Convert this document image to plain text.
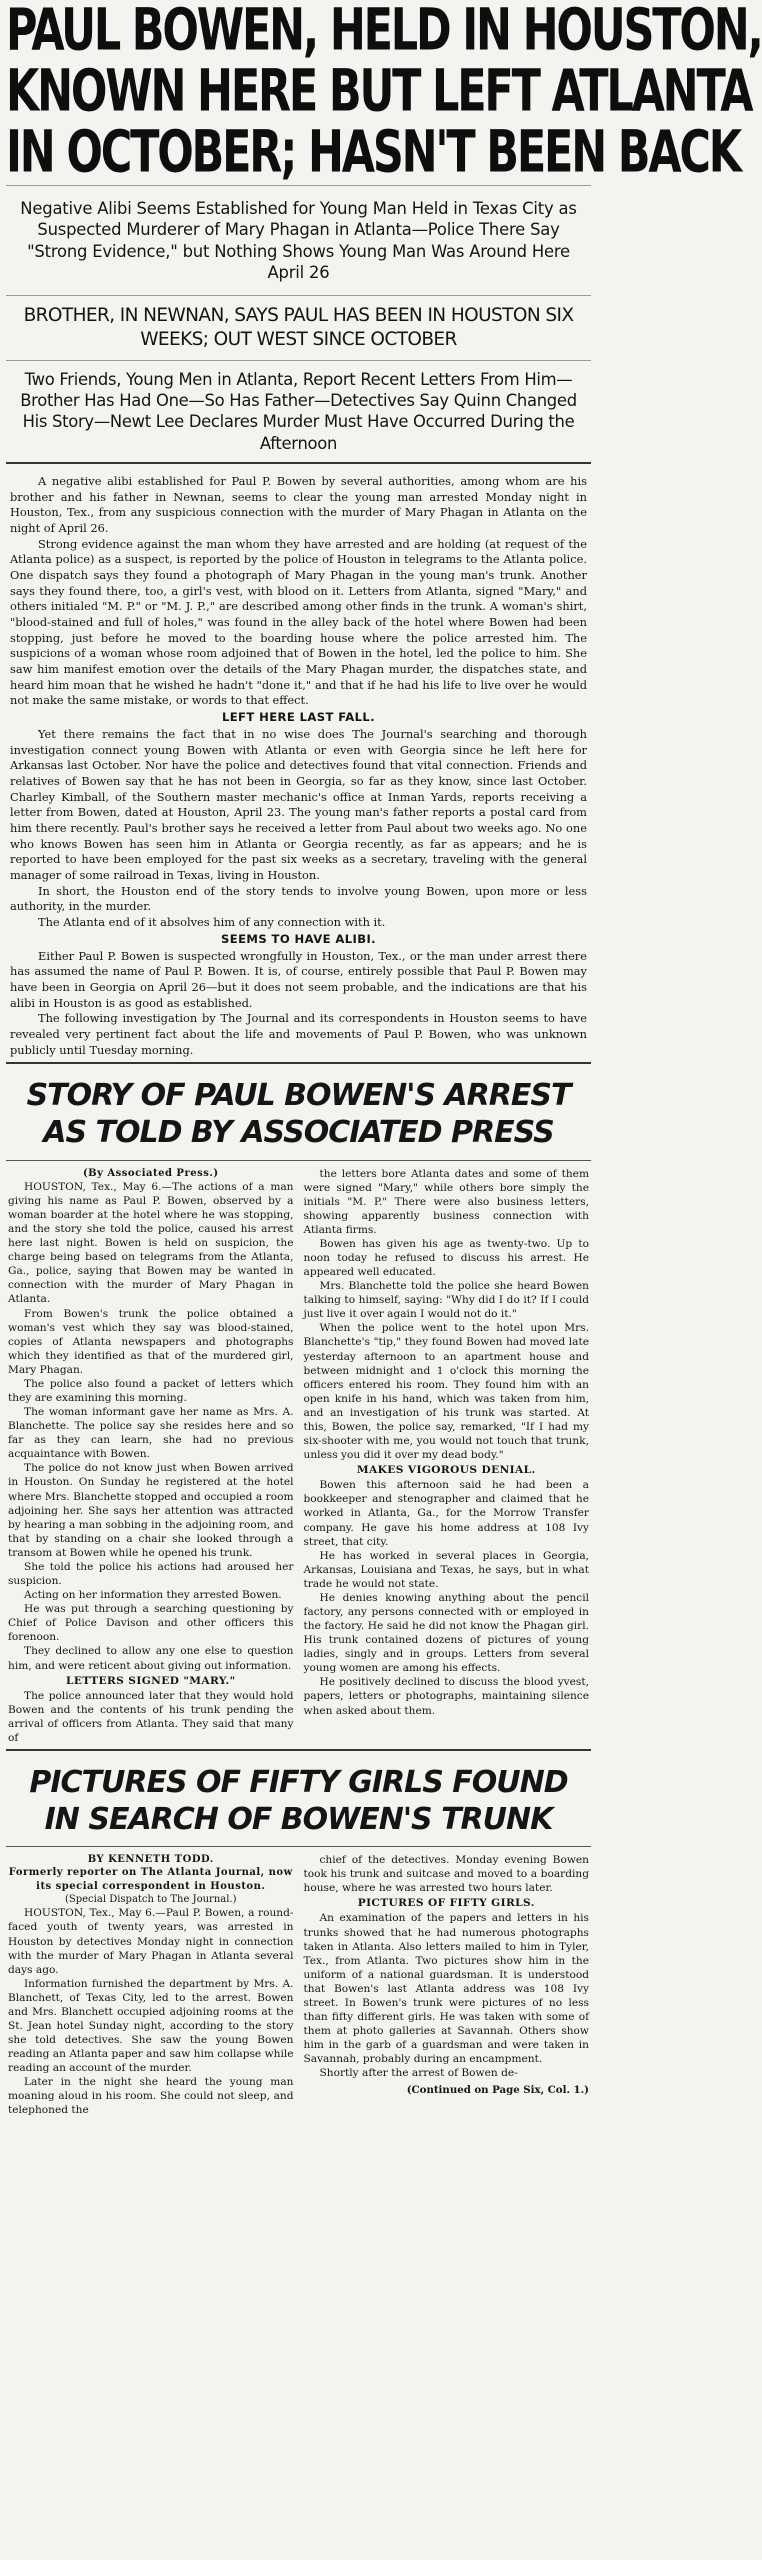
PAUL BOWEN, HELD IN HOUSTON,
KNOWN HERE BUT LEFT ATLANTA
IN OCTOBER; HASN'T BEEN BACK
Negative Alibi Seems Established for Young Man Held in Texas City as Suspected Murderer of Mary Phagan in Atlanta—Police There Say "Strong Evidence," but Nothing Shows Young Man Was Around Here April 26
BROTHER, IN NEWNAN, SAYS PAUL HAS BEEN IN HOUSTON SIX WEEKS; OUT WEST SINCE OCTOBER
Two Friends, Young Men in Atlanta, Report Recent Letters From Him—Brother Has Had One—So Has Father—Detectives Say Quinn Changed His Story—Newt Lee Declares Murder Must Have Occurred During the Afternoon

A negative alibi established for Paul P. Bowen by several authorities, among whom are his brother and his father in Newnan, seems to clear the young man arrested Monday night in Houston, Tex., from any suspicious connection with the murder of Mary Phagan in Atlanta on the night of April 26.

Strong evidence against the man whom they have arrested and are holding (at request of the Atlanta police) as a suspect, is reported by the police of Houston in telegrams to the Atlanta police. One dispatch says they found a photograph of Mary Phagan in the young man's trunk. Another says they found there, too, a girl's vest, with blood on it. Letters from Atlanta, signed "Mary," and others initialed "M. P." or "M. J. P.," are described among other finds in the trunk. A woman's shirt, "blood-stained and full of holes," was found in the alley back of the hotel where Bowen had been stopping, just before he moved to the boarding house where the police arrested him. The suspicions of a woman whose room adjoined that of Bowen in the hotel, led the police to him. She saw him manifest emotion over the details of the Mary Phagan murder, the dispatches state, and heard him moan that he wished he hadn't "done it," and that if he had his life to live over he would not make the same mistake, or words to that effect.

LEFT HERE LAST FALL.

Yet there remains the fact that in no wise does The Journal's searching and thorough investigation connect young Bowen with Atlanta or even with Georgia since he left here for Arkansas last October. Nor have the police and detectives found that vital connection. Friends and relatives of Bowen say that he has not been in Georgia, so far as they know, since last October. Charley Kimball, of the Southern master mechanic's office at Inman Yards, reports receiving a letter from Bowen, dated at Houston, April 23. The young man's father reports a postal card from him there recently. Paul's brother says he received a letter from Paul about two weeks ago. No one who knows Bowen has seen him in Atlanta or Georgia recently, as far as appears; and he is reported to have been employed for the past six weeks as a secretary, traveling with the general manager of some railroad in Texas, living in Houston.

In short, the Houston end of the story tends to involve young Bowen, upon more or less authority, in the murder.

The Atlanta end of it absolves him of any connection with it.

SEEMS TO HAVE ALIBI.

Either Paul P. Bowen is suspected wrongfully in Houston, Tex., or the man under arrest there has assumed the name of Paul P. Bowen. It is, of course, entirely possible that Paul P. Bowen may have been in Georgia on April 26—but it does not seem probable, and the indications are that his alibi in Houston is as good as established.

The following investigation by The Journal and its correspondents in Houston seems to have revealed very pertinent fact about the life and movements of Paul P. Bowen, who was unknown publicly until Tuesday morning.

STORY OF PAUL BOWEN'S ARREST
AS TOLD BY ASSOCIATED PRESS
(By Associated Press.)

HOUSTON, Tex., May 6.—The actions of a man giving his name as Paul P. Bowen, observed by a woman boarder at the hotel where he was stopping, and the story she told the police, caused his arrest here last night. Bowen is held on suspicion, the charge being based on telegrams from the Atlanta, Ga., police, saying that Bowen may be wanted in connection with the murder of Mary Phagan in Atlanta.

From Bowen's trunk the police obtained a woman's vest which they say was blood-stained, copies of Atlanta newspapers and photographs which they identified as that of the murdered girl, Mary Phagan.

The police also found a packet of letters which they are examining this morning.

The woman informant gave her name as Mrs. A. Blanchette. The police say she resides here and so far as they can learn, she had no previous acquaintance with Bowen.

The police do not know just when Bowen arrived in Houston. On Sunday he registered at the hotel where Mrs. Blanchette stopped and occupied a room adjoining her. She says her attention was attracted by hearing a man sobbing in the adjoining room, and that by standing on a chair she looked through a transom at Bowen while he opened his trunk.

She told the police his actions had aroused her suspicion.

Acting on her information they arrested Bowen.

He was put through a searching questioning by Chief of Police Davison and other officers this forenoon.

They declined to allow any one else to question him, and were reticent about giving out information.

LETTERS SIGNED "MARY."

The police announced later that they would hold Bowen and the contents of his trunk pending the arrival of officers from Atlanta. They said that many of

the letters bore Atlanta dates and some of them were signed "Mary," while others bore simply the initials "M. P." There were also business letters, showing apparently business connection with Atlanta firms.

Bowen has given his age as twenty-two. Up to noon today he refused to discuss his arrest. He appeared well educated.

Mrs. Blanchette told the police she heard Bowen talking to himself, saying: "Why did I do it? If I could just live it over again I would not do it."

When the police went to the hotel upon Mrs. Blanchette's "tip," they found Bowen had moved late yesterday afternoon to an apartment house and between midnight and 1 o'clock this morning the officers entered his room. They found him with an open knife in his hand, which was taken from him, and an investigation of his trunk was started. At this, Bowen, the police say, remarked, "If I had my six-shooter with me, you would not touch that trunk, unless you did it over my dead body."

MAKES VIGOROUS DENIAL.

Bowen this afternoon said he had been a bookkeeper and stenographer and claimed that he worked in Atlanta, Ga., for the Morrow Transfer company. He gave his home address at 108 Ivy street, that city.

He has worked in several places in Georgia, Arkansas, Louisiana and Texas, he says, but in what trade he would not state.

He denies knowing anything about the pencil factory, any persons connected with or employed in the factory. He said he did not know the Phagan girl. His trunk contained dozens of pictures of young ladies, singly and in groups. Letters from several young women are among his effects.

He positively declined to discuss the blood yvest, papers, letters or photographs, maintaining silence when asked about them.

PICTURES OF FIFTY GIRLS FOUND
IN SEARCH OF BOWEN'S TRUNK
BY KENNETH TODD.
Formerly reporter on The Atlanta Journal, now its special correspondent in Houston.
(Special Dispatch to The Journal.)

HOUSTON, Tex., May 6.—Paul P. Bowen, a round-faced youth of twenty years, was arrested in Houston by detectives Monday night in connection with the murder of Mary Phagan in Atlanta several days ago.

Information furnished the department by Mrs. A. Blanchett, of Texas City, led to the arrest. Bowen and Mrs. Blanchett occupied adjoining rooms at the St. Jean hotel Sunday night, according to the story she told detectives. She saw the young Bowen reading an Atlanta paper and saw him collapse while reading an account of the murder.

Later in the night she heard the young man moaning aloud in his room. She could not sleep, and telephoned the

chief of the detectives. Monday evening Bowen took his trunk and suitcase and moved to a boarding house, where he was arrested two hours later.

PICTURES OF FIFTY GIRLS.

An examination of the papers and letters in his trunks showed that he had numerous photographs taken in Atlanta. Also letters mailed to him in Tyler, Tex., from Atlanta. Two pictures show him in the uniform of a national guardsman. It is understood that Bowen's last Atlanta address was 108 Ivy street. In Bowen's trunk were pictures of no less than fifty different girls. He was taken with some of them at photo galleries at Savannah. Others show him in the garb of a guardsman and were taken in Savannah, probably during an encampment.

Shortly after the arrest of Bowen de-

(Continued on Page Six, Col. 1.)
